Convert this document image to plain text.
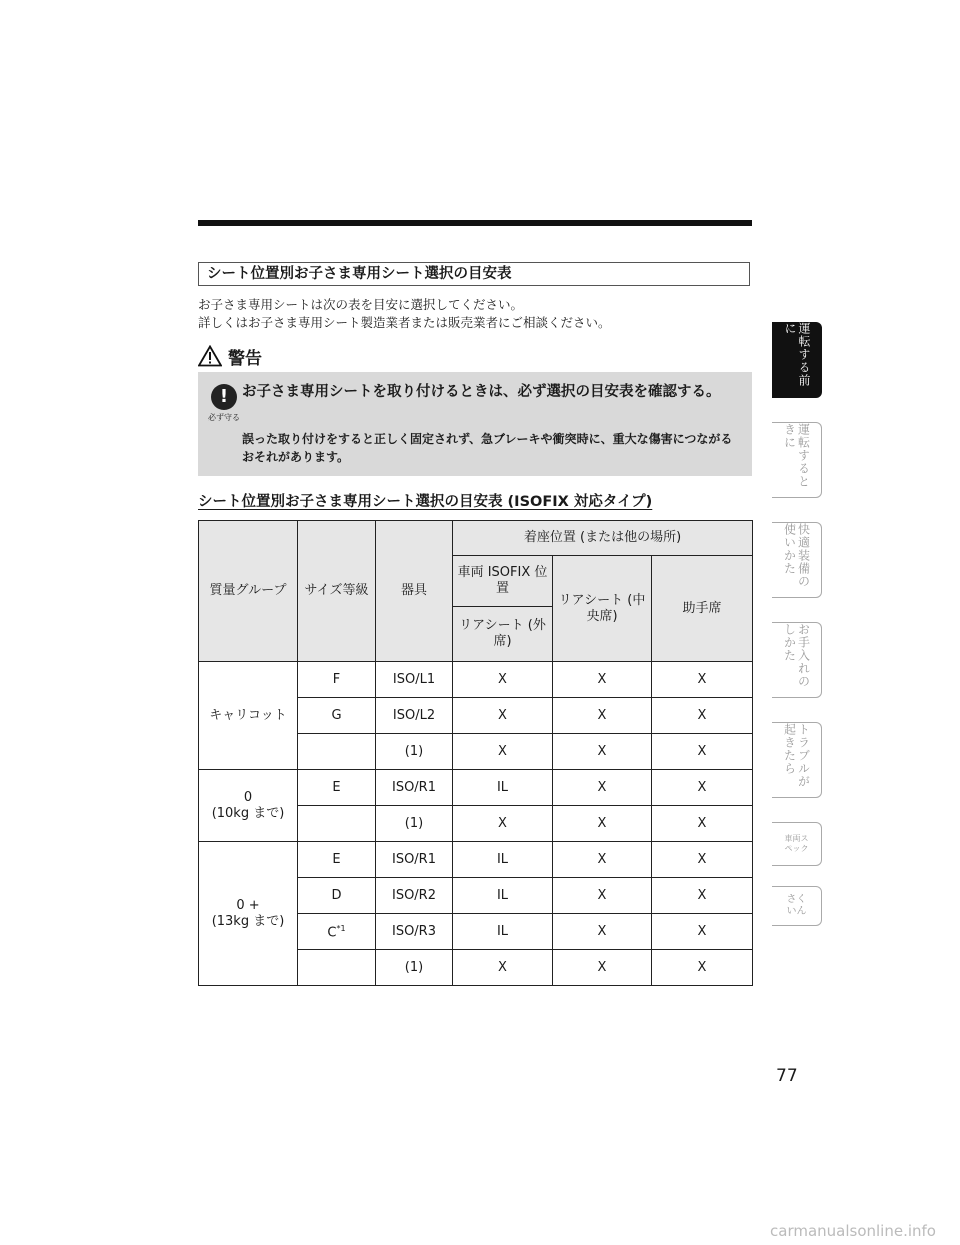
シート位置別お子さま専用シート選択の目安表
お子さま専用シートは次の表を目安に選択してください。
詳しくはお子さま専用シート製造業者または販売業者にご相談ください。
警告
!
必ず守る
お子さま専用シートを取り付けるときは、必ず選択の目安表を確認する。
誤った取り付けをすると正しく固定されず、急ブレーキや衝突時に、重大な傷害につながるおそれがあります。
シート位置別お子さま専用シート選択の目安表 (ISOFIX 対応タイプ)
質量グループ	サイズ等級	器具	着座位置 (または他の場所)		
			車両 ISOFIX 位置	リアシート (中央席)	助手席
			リアシート (外席)		
キャリコット	F	ISO/L1	X	X	X
	G	ISO/L2	X	X	X
		(1)	X	X	X

0
(10kg まで)	E	ISO/R1	IL	X	X
		(1)	X	X	X

0 +
(13kg まで)	E	ISO/R1	IL	X	X
	D	ISO/R2	IL	X	X
	$C^{*1}$	ISO/R3	IL	X	X
		(1)	X	X	X
運転する前に
運転するときに
快適装備の使いかた
お手入れのしかた
トラブルが起きたら
車両スペック
さくいん
77
carmanualsonline.info
